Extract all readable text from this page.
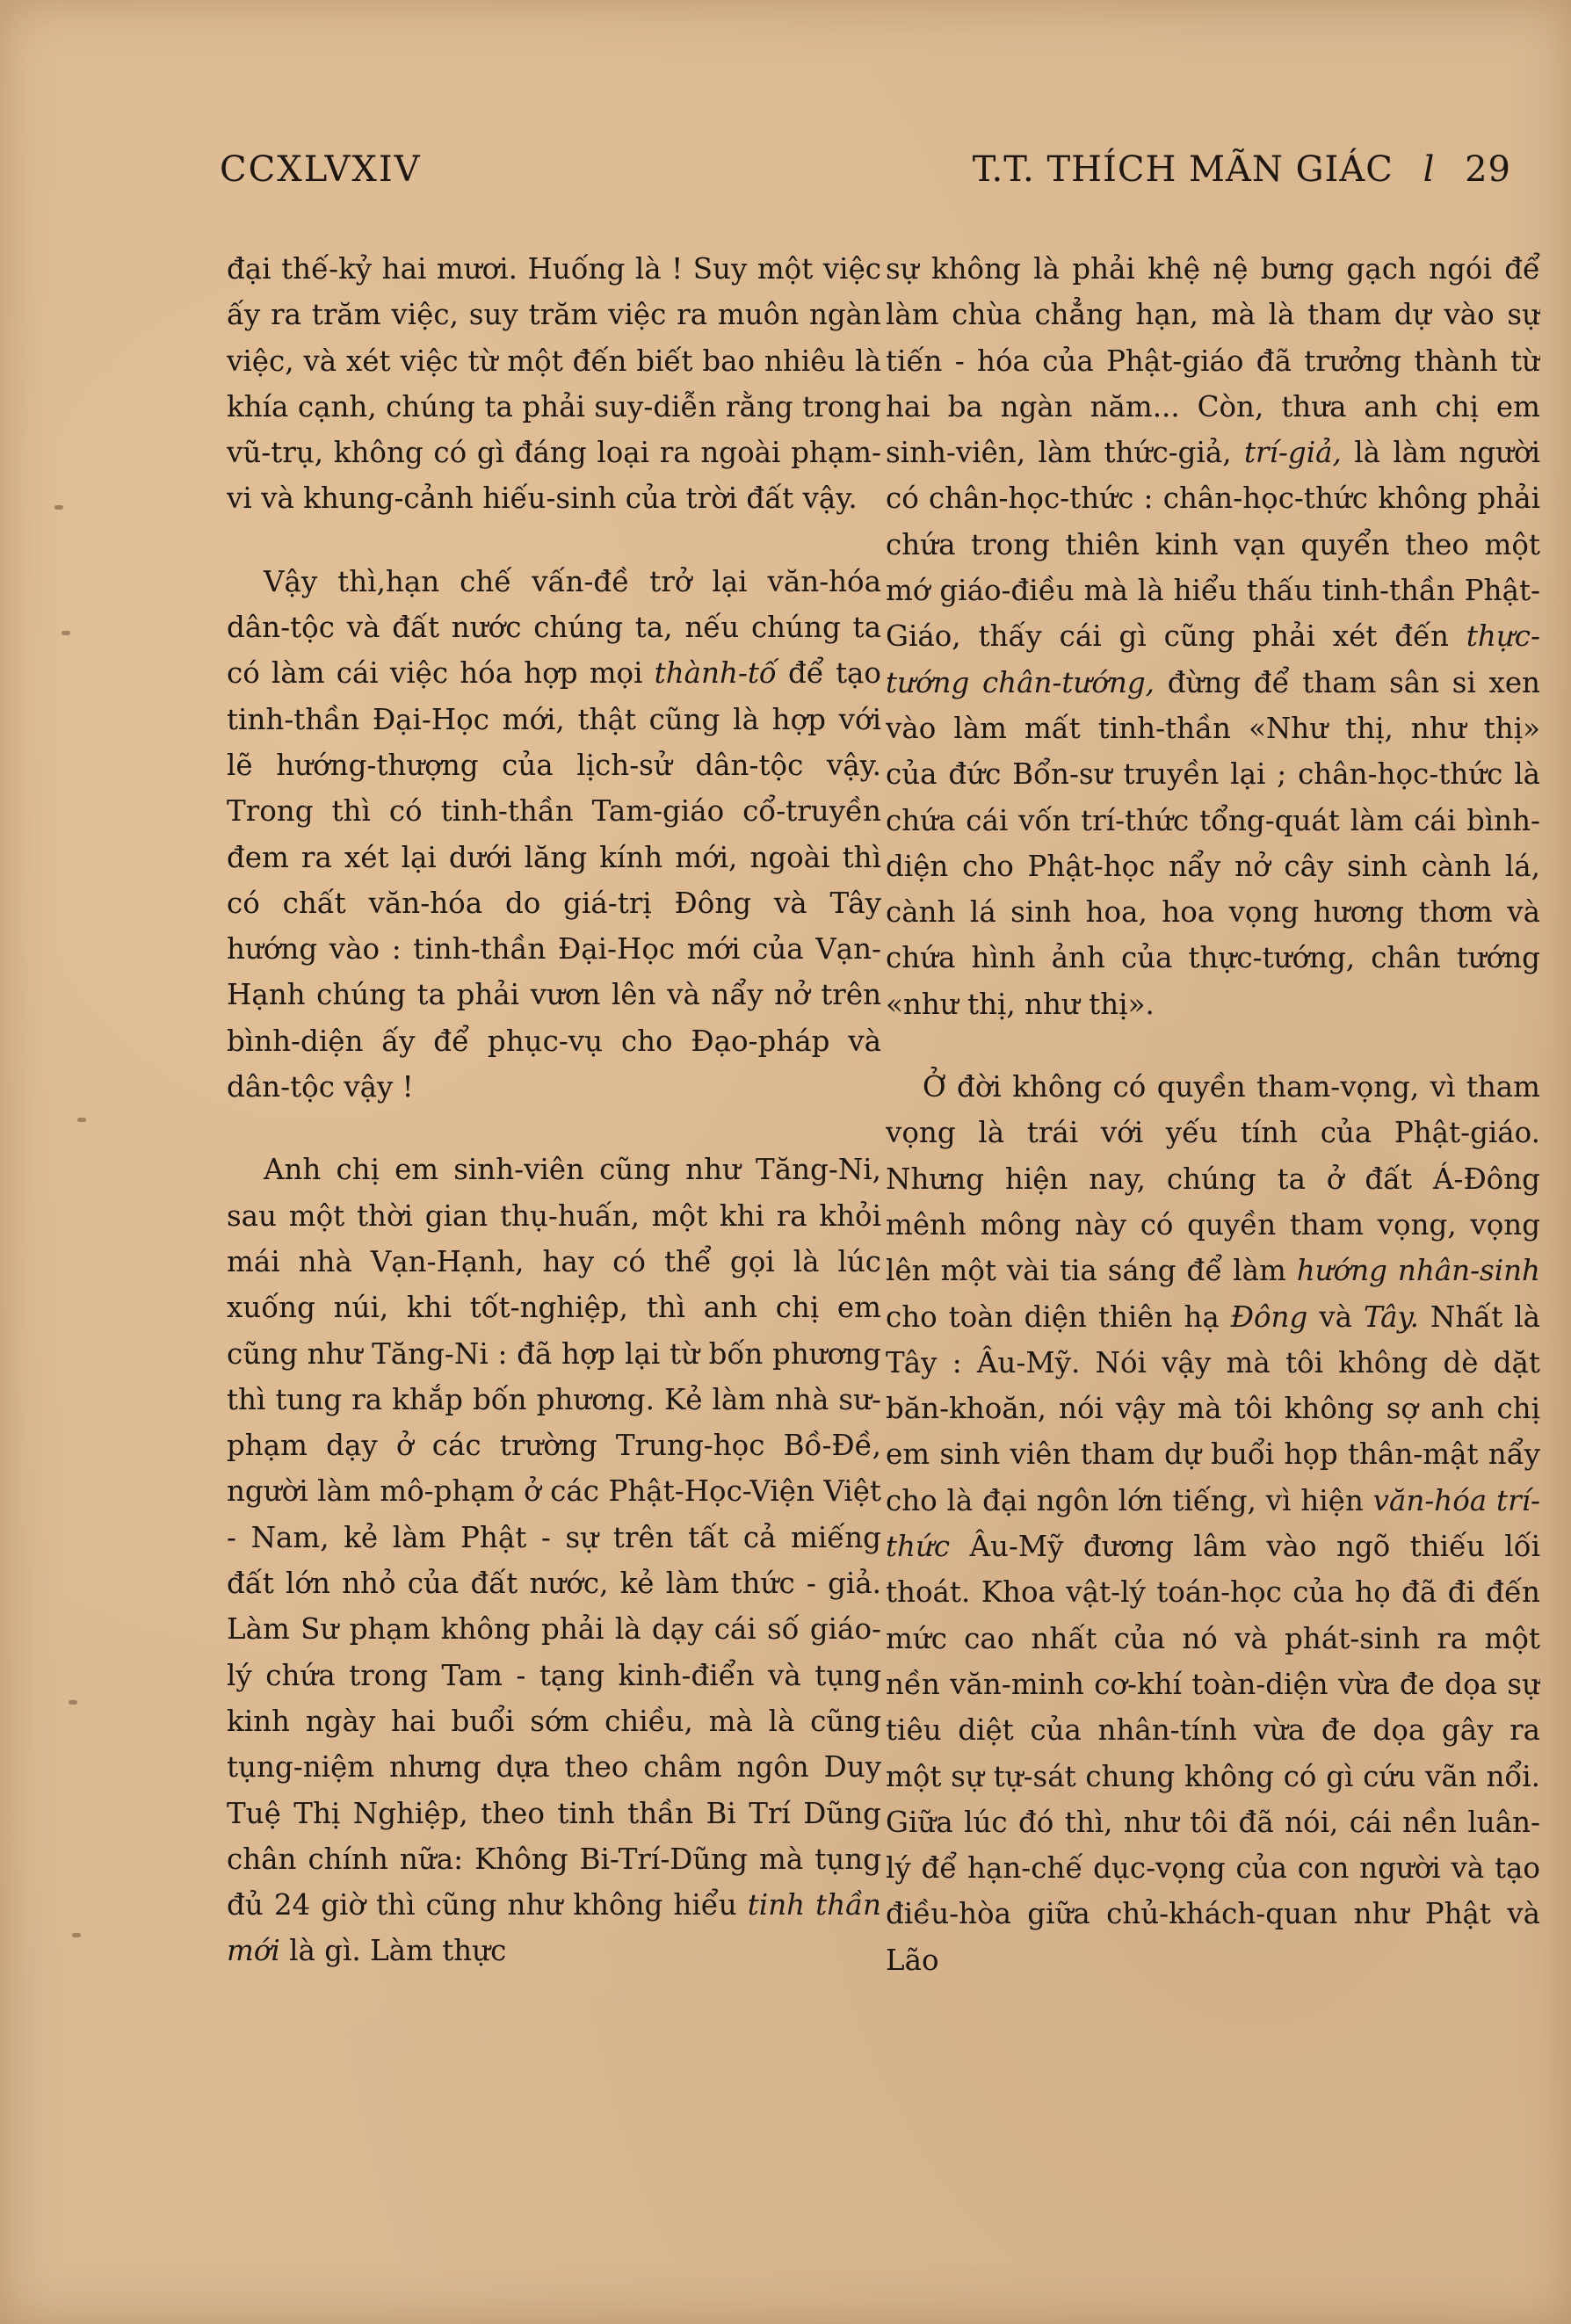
CCXLVXIV	T.T. THÍCH MÃN GIÁC l 29

đại thế-kỷ hai mươi. Huống là ! Suy một việc ấy ra trăm việc, suy trăm việc ra muôn ngàn việc, và xét việc từ một đến biết bao nhiêu là khía cạnh, chúng ta phải suy-diễn rằng trong vũ-trụ, không có gì đáng loại ra ngoài phạm-vi và khung-cảnh hiếu-sinh của trời đất vậy.

Vậy thì,hạn chế vấn-đề trở lại văn-hóa dân-tộc và đất nước chúng ta, nếu chúng ta có làm cái việc hóa hợp mọi thành-tố để tạo tinh-thần Đại-Học mới, thật cũng là hợp với lẽ hướng-thượng của lịch-sử dân-tộc vậy. Trong thì có tinh-thần Tam-giáo cổ-truyền đem ra xét lại dưới lăng kính mới, ngoài thì có chất văn-hóa do giá-trị Đông và Tây hướng vào : tinh-thần Đại-Học mới của Vạn-Hạnh chúng ta phải vươn lên và nẩy nở trên bình-diện ấy để phục-vụ cho Đạo-pháp và dân-tộc vậy !

Anh chị em sinh-viên cũng như Tăng-Ni, sau một thời gian thụ-huấn, một khi ra khỏi mái nhà Vạn-Hạnh, hay có thể gọi là lúc xuống núi, khi tốt-nghiệp, thì anh chị em cũng như Tăng-Ni : đã hợp lại từ bốn phương thì tung ra khắp bốn phương. Kẻ làm nhà sư-phạm dạy ở các trường Trung-học Bồ-Đề, người làm mô-phạm ở các Phật-Học-Viện Việt - Nam, kẻ làm Phật - sự trên tất cả miếng đất lớn nhỏ của đất nước, kẻ làm thức - giả. Làm Sư phạm không phải là dạy cái số giáo-lý chứa trong Tam - tạng kinh-điển và tụng kinh ngày hai buổi sớm chiều, mà là cũng tụng-niệm nhưng dựa theo châm ngôn Duy Tuệ Thị Nghiệp, theo tinh thần Bi Trí Dũng chân chính nữa: Không Bi-Trí-Dũng mà tụng đủ 24 giờ thì cũng như không hiểu tinh thần mới là gì. Làm thực

sự không là phải khệ nệ bưng gạch ngói để làm chùa chẳng hạn, mà là tham dự vào sự tiến - hóa của Phật-giáo đã trưởng thành từ hai ba ngàn năm... Còn, thưa anh chị em sinh-viên, làm thức-giả, trí-giả, là làm người có chân-học-thức : chân-học-thức không phải chứa trong thiên kinh vạn quyển theo một mớ giáo-điều mà là hiểu thấu tinh-thần Phật-Giáo, thấy cái gì cũng phải xét đến thực-tướng chân-tướng, đừng để tham sân si xen vào làm mất tinh-thần «Như thị, như thị» của đức Bổn-sư truyền lại ; chân-học-thức là chứa cái vốn trí-thức tổng-quát làm cái bình-diện cho Phật-học nẩy nở cây sinh cành lá, cành lá sinh hoa, hoa vọng hương thơm và chứa hình ảnh của thực-tướng, chân tướng «như thị, như thị».

Ở đời không có quyền tham-vọng, vì tham vọng là trái với yếu tính của Phật-giáo. Nhưng hiện nay, chúng ta ở đất Á-Đông mênh mông này có quyền tham vọng, vọng lên một vài tia sáng để làm hướng nhân-sinh cho toàn diện thiên hạ Đông và Tây. Nhất là Tây : Âu-Mỹ. Nói vậy mà tôi không dè dặt băn-khoăn, nói vậy mà tôi không sợ anh chị em sinh viên tham dự buổi họp thân-mật nẩy cho là đại ngôn lớn tiếng, vì hiện văn-hóa trí-thức Âu-Mỹ đương lâm vào ngõ thiếu lối thoát. Khoa vật-lý toán-học của họ đã đi đến mức cao nhất của nó và phát-sinh ra một nền văn-minh cơ-khí toàn-diện vừa đe dọa sự tiêu diệt của nhân-tính vừa đe dọa gây ra một sự tự-sát chung không có gì cứu vãn nổi. Giữa lúc đó thì, như tôi đã nói, cái nền luân-lý để hạn-chế dục-vọng của con người và tạo điều-hòa giữa chủ-khách-quan như Phật và Lão
